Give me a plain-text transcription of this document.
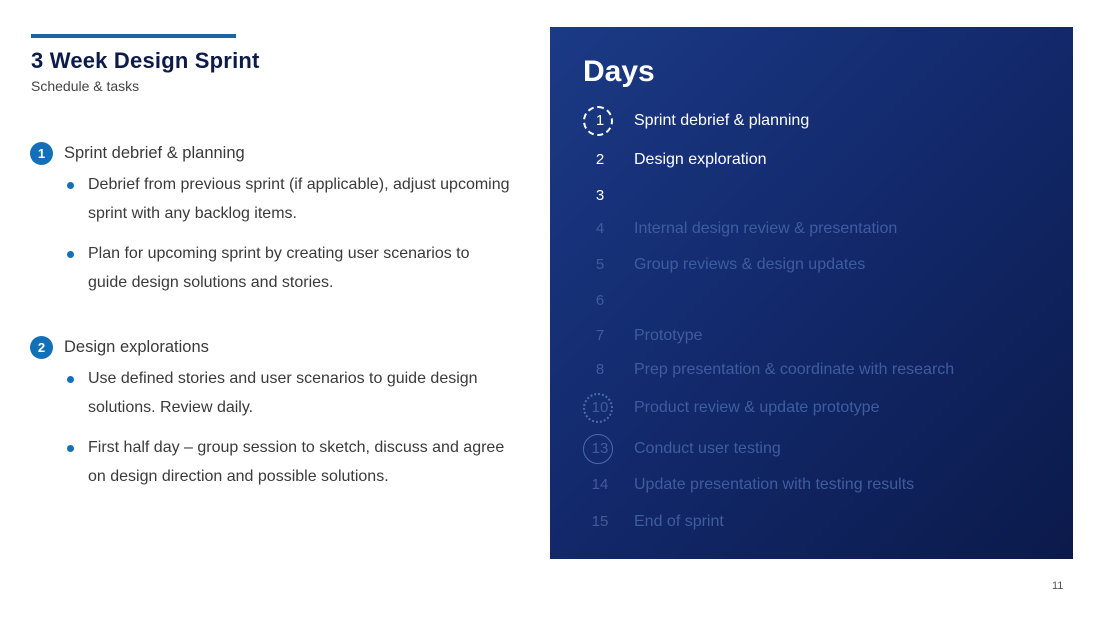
3 Week Design Sprint
Schedule & tasks
1	Sprint debrief & planning
Debrief from previous sprint (if applicable), adjust upcoming sprint with any backlog items.
Plan for upcoming sprint by creating user scenarios to guide design solutions and stories.
2	Design explorations
Use defined stories and user scenarios to guide design solutions. Review daily.
First half day – group session to sketch, discuss and agree on design direction and possible solutions.
Days
1	Sprint debrief & planning
2	Design exploration
3
4	Internal design review & presentation
5	Group reviews & design updates
6
7	Prototype
8	Prep presentation & coordinate with research
10	Product review & update prototype
13	Conduct user testing
14	Update presentation with testing results
15	End of sprint
11
